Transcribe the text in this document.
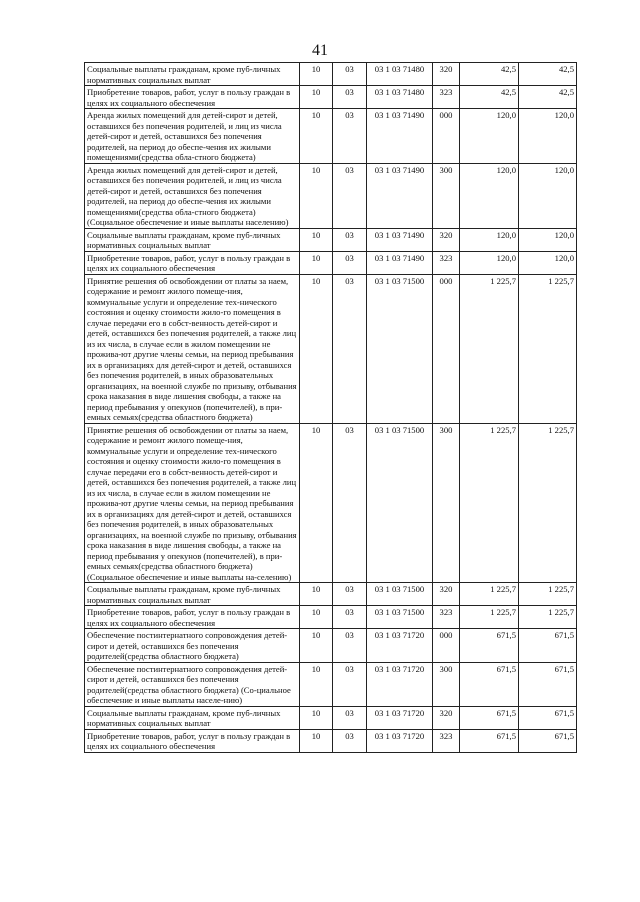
41
Социальные выплаты гражданам, кроме пуб-личных нормативных социальных выплат	10	03	03 1 03 71480	320	42,5	42,5
Приобретение товаров, работ, услуг в пользу граждан в целях их социального обеспечения	10	03	03 1 03 71480	323	42,5	42,5
Аренда жилых помещений для детей-сирот и детей, оставшихся без попечения родителей, и лиц из числа детей-сирот и детей, оставшихся без попечения родителей, на период до обеспе-чения их жилыми помещениями(средства обла-стного бюджета)	10	03	03 1 03 71490	000	120,0	120,0
Аренда жилых помещений для детей-сирот и детей, оставшихся без попечения родителей, и лиц из числа детей-сирот и детей, оставшихся без попечения родителей, на период до обеспе-чения их жилыми помещениями(средства обла-стного бюджета) (Социальное обеспечение и иные выплаты населению)	10	03	03 1 03 71490	300	120,0	120,0
Социальные выплаты гражданам, кроме пуб-личных нормативных социальных выплат	10	03	03 1 03 71490	320	120,0	120,0
Приобретение товаров, работ, услуг в пользу граждан в целях их социального обеспечения	10	03	03 1 03 71490	323	120,0	120,0
Принятие решения об освобождении от платы за наем, содержание и ремонт жилого помеще-ния, коммунальные услуги и определение тех-нического состояния и оценку стоимости жило-го помещения в случае передачи его в собст-венность детей-сирот и детей, оставшихся без попечения родителей, а также лиц из их числа, в случае если в жилом помещении не прожива-ют другие члены семьи, на период пребывания их в организациях для детей-сирот и детей, оставшихся без попечения родителей, в иных образовательных организациях, на военной службе по призыву, отбывания срока наказания в виде лишения свободы, а также на период пребывания у опекунов (попечителей), в при-емных семьях(средства областного бюджета)	10	03	03 1 03 71500	000	1 225,7	1 225,7
Принятие решения об освобождении от платы за наем, содержание и ремонт жилого помеще-ния, коммунальные услуги и определение тех-нического состояния и оценку стоимости жило-го помещения в случае передачи его в собст-венность детей-сирот и детей, оставшихся без попечения родителей, а также лиц из их числа, в случае если в жилом помещении не прожива-ют другие члены семьи, на период пребывания их в организациях для детей-сирот и детей, оставшихся без попечения родителей, в иных образовательных организациях, на военной службе по призыву, отбывания срока наказания в виде лишения свободы, а также на период пребывания у опекунов (попечителей), в при-емных семьях(средства областного бюджета) (Социальное обеспечение и иные выплаты на-селению)	10	03	03 1 03 71500	300	1 225,7	1 225,7
Социальные выплаты гражданам, кроме пуб-личных нормативных социальных выплат	10	03	03 1 03 71500	320	1 225,7	1 225,7
Приобретение товаров, работ, услуг в пользу граждан в целях их социального обеспечения	10	03	03 1 03 71500	323	1 225,7	1 225,7
Обеспечение постинтернатного сопровождения детей-сирот и детей, оставшихся без попечения родителей(средства областного бюджета)	10	03	03 1 03 71720	000	671,5	671,5
Обеспечение постинтернатного сопровождения детей-сирот и детей, оставшихся без попечения родителей(средства областного бюджета) (Со-циальное обеспечение и иные выплаты населе-нию)	10	03	03 1 03 71720	300	671,5	671,5
Социальные выплаты гражданам, кроме пуб-личных нормативных социальных выплат	10	03	03 1 03 71720	320	671,5	671,5
Приобретение товаров, работ, услуг в пользу граждан в целях их социального обеспечения	10	03	03 1 03 71720	323	671,5	671,5
